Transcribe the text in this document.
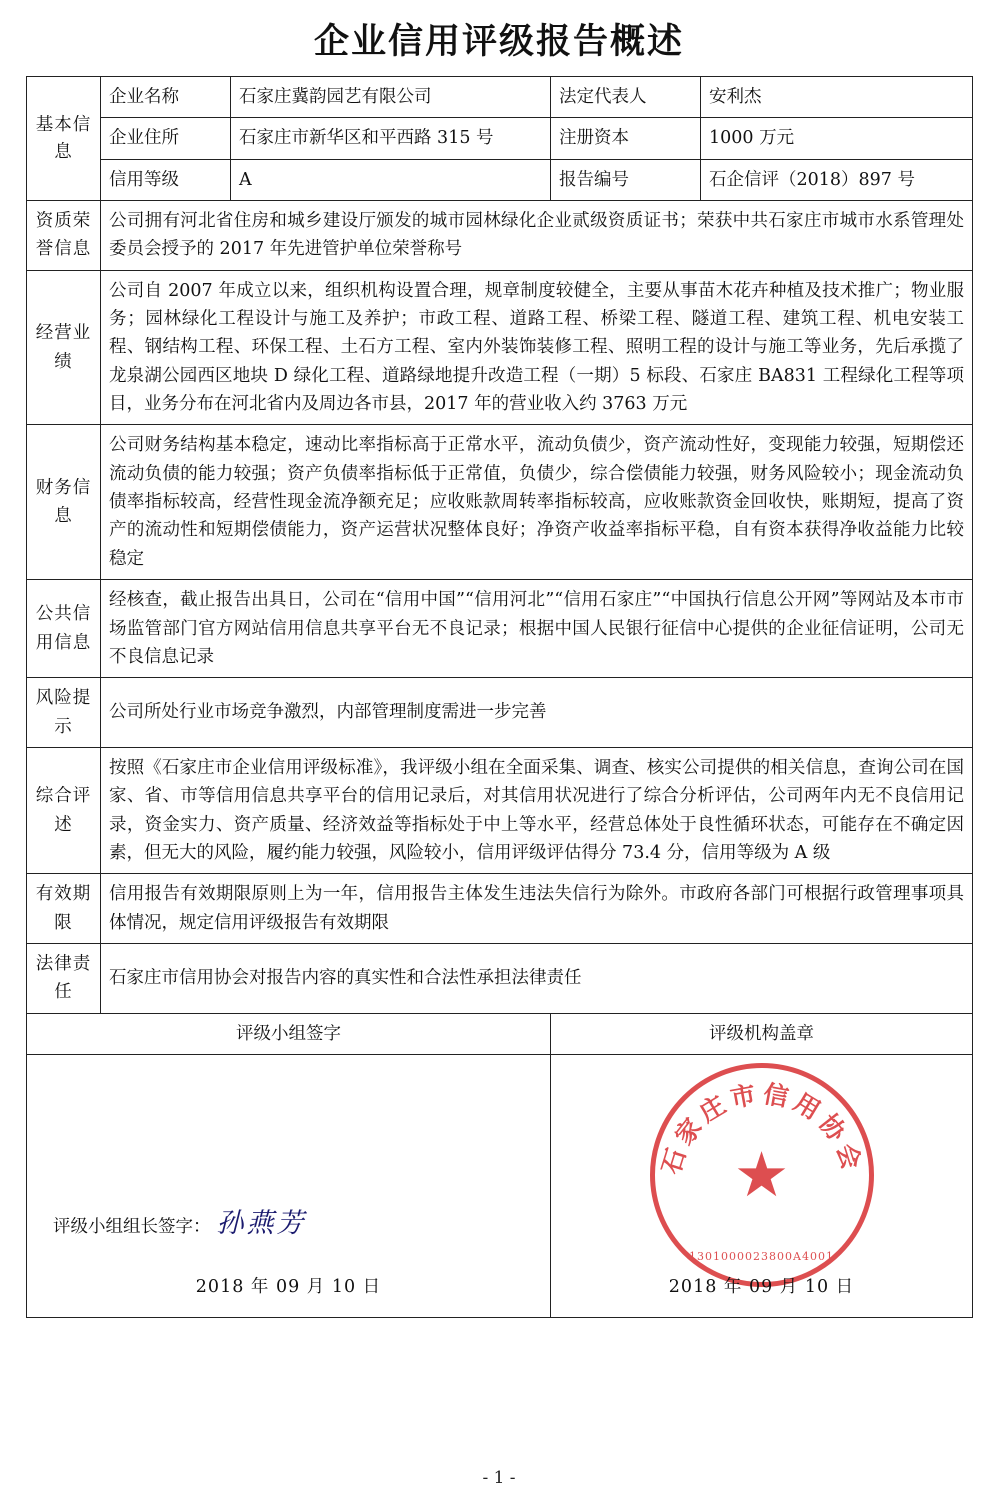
企业信用评级报告概述
基本信息	企业名称	石家庄冀韵园艺有限公司	法定代表人	安利杰
	企业住所	石家庄市新华区和平西路 315 号	注册资本	1000 万元
	信用等级	A	报告编号	石企信评（2018）897 号
资质荣誉信息	公司拥有河北省住房和城乡建设厅颁发的城市园林绿化企业贰级资质证书；荣获中共石家庄市城市水系管理处委员会授予的 2017 年先进管护单位荣誉称号			
经营业绩	公司自 2007 年成立以来，组织机构设置合理，规章制度较健全，主要从事苗木花卉种植及技术推广；物业服务；园林绿化工程设计与施工及养护；市政工程、道路工程、桥梁工程、隧道工程、建筑工程、机电安装工程、钢结构工程、环保工程、土石方工程、室内外装饰装修工程、照明工程的设计与施工等业务，先后承揽了龙泉湖公园西区地块 D 绿化工程、道路绿地提升改造工程（一期）5 标段、石家庄 BA831 工程绿化工程等项目，业务分布在河北省内及周边各市县，2017 年的营业收入约 3763 万元			
财务信息	公司财务结构基本稳定，速动比率指标高于正常水平，流动负债少，资产流动性好，变现能力较强，短期偿还流动负债的能力较强；资产负债率指标低于正常值，负债少，综合偿债能力较强，财务风险较小；现金流动负债率指标较高，经营性现金流净额充足；应收账款周转率指标较高，应收账款资金回收快，账期短，提高了资产的流动性和短期偿债能力，资产运营状况整体良好；净资产收益率指标平稳，自有资本获得净收益能力比较稳定			
公共信用信息	经核查，截止报告出具日，公司在“信用中国”“信用河北”“信用石家庄”“中国执行信息公开网”等网站及本市市场监管部门官方网站信用信息共享平台无不良记录；根据中国人民银行征信中心提供的企业征信证明，公司无不良信息记录			
风险提示	公司所处行业市场竞争激烈，内部管理制度需进一步完善			
综合评述	按照《石家庄市企业信用评级标准》，我评级小组在全面采集、调查、核实公司提供的相关信息，查询公司在国家、省、市等信用信息共享平台的信用记录后，对其信用状况进行了综合分析评估，公司两年内无不良信用记录，资金实力、资产质量、经济效益等指标处于中上等水平，经营总体处于良性循环状态，可能存在不确定因素，但无大的风险，履约能力较强，风险较小，信用评级评估得分 73.4 分，信用等级为 A 级			
有效期限	信用报告有效期限原则上为一年，信用报告主体发生违法失信行为除外。市政府各部门可根据行政管理事项具体情况，规定信用评级报告有效期限			
法律责任	石家庄市信用协会对报告内容的真实性和合法性承担法律责任			
评级小组签字			评级机构盖章	

评级小组组长签字： 孙燕芳
2018 年 09 月 10 日

石家庄市信用协会
★
1301000023800A4001
2018 年 09 月 10 日
- 1 -
